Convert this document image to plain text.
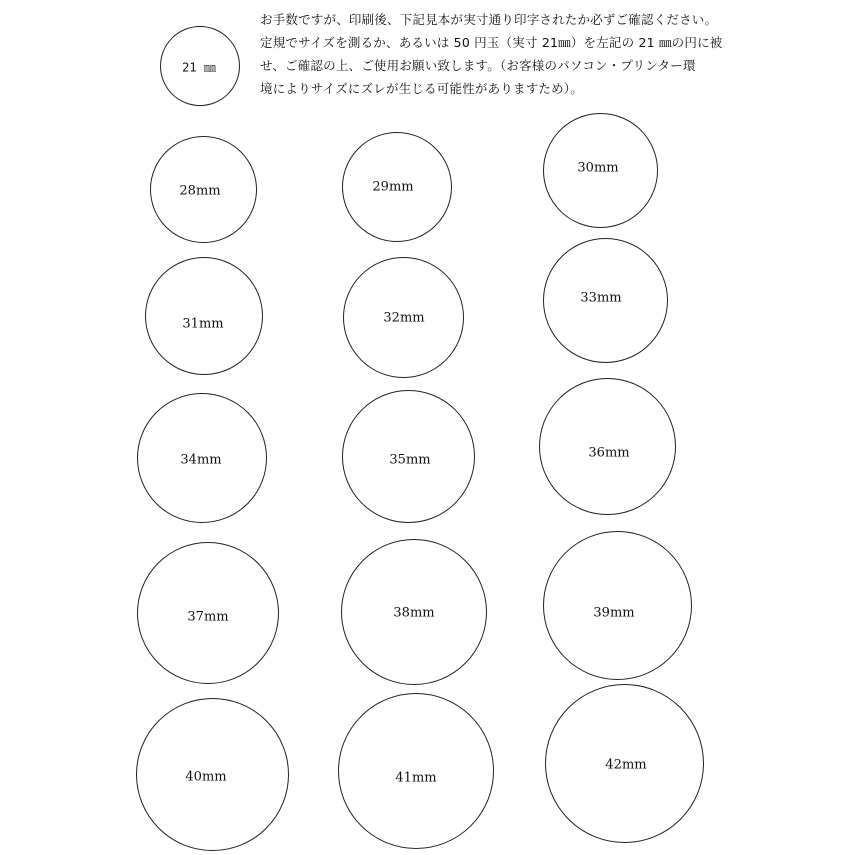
お手数ですが、印刷後、下記見本が実寸通り印字されたか必ずご確認ください。
定規でサイズを測るか、あるいは 50 円玉（実寸 21㎜）を左記の 21 ㎜の円に被
せ、ご確認の上、ご使用お願い致します。（お客様のパソコン・プリンター環
境によりサイズにズレが生じる可能性がありますため）。
21 ㎜
28mm	29mm
30mm
31mm	32mm
33mm
34mm	35mm	36mm
37mm	38mm	39mm
40mm	41mm
42mm
